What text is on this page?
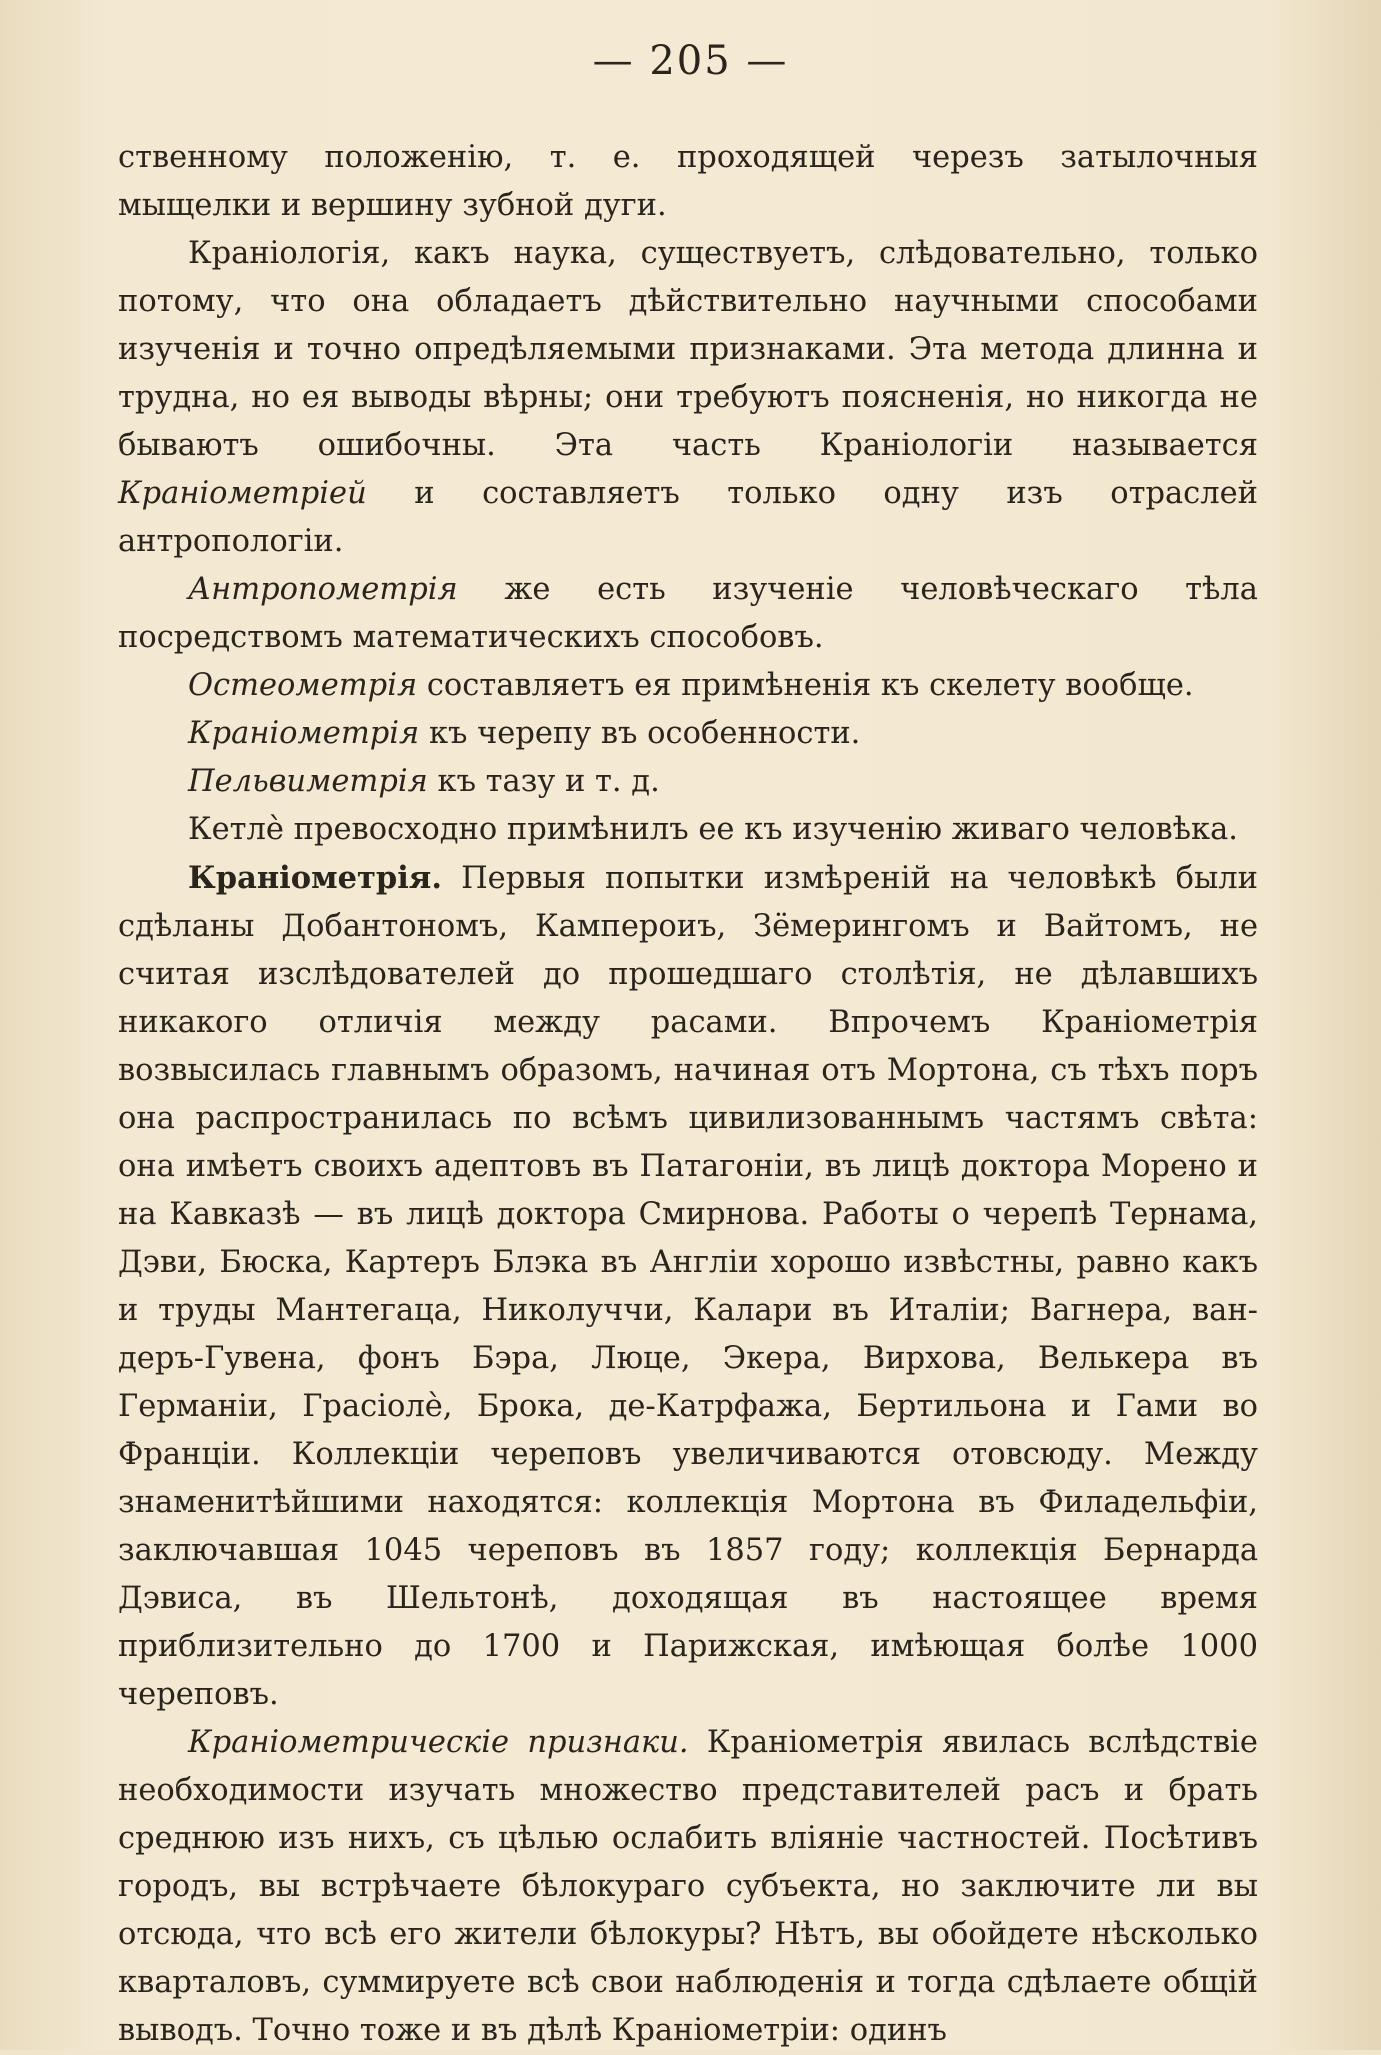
— 205 —

ственному положенію, т. е. проходящей черезъ затылочныя мыщелки и вершину зубной дуги.

Краніологія, какъ наука, существуетъ, слѣдовательно, только потому, что она обладаетъ дѣйствительно научными способами изученія и точно опредѣляемыми признаками. Эта метода длинна и трудна, но ея выводы вѣрны; они требуютъ поясненія, но никогда не бываютъ ошибочны. Эта часть Краніологіи называется Краніометріей и составляетъ только одну изъ отраслей антропологіи.

Антропометрія же есть изученіе человѣческаго тѣла посредствомъ математическихъ способовъ.

Остеометрія составляетъ ея примѣненія къ скелету вообще.

Краніометрія къ черепу въ особенности.

Пельвиметрія къ тазу и т. д.

Кетлѐ превосходно примѣнилъ ее къ изученію живаго человѣка.

Краніометрія. Первыя попытки измѣреній на человѣкѣ были сдѣланы Добантономъ, Кампероиъ, Зёмерингомъ и Вайтомъ, не считая изслѣдователей до прошедшаго столѣтія, не дѣлавшихъ никакого отличія между расами. Впрочемъ Краніометрія возвысилась главнымъ образомъ, начиная отъ Мортона, съ тѣхъ поръ она распространилась по всѣмъ цивилизованнымъ частямъ свѣта: она имѣетъ своихъ адептовъ въ Патагоніи, въ лицѣ доктора Морено и на Кавказѣ — въ лицѣ доктора Смирнова. Работы о черепѣ Тернама, Дэви, Бюска, Картеръ Блэка въ Англіи хорошо извѣстны, равно какъ и труды Мантегаца, Николуччи, Калари въ Италіи; Вагнера, ван-деръ-Гувена, фонъ Бэра, Люце, Экера, Вирхова, Велькера въ Германіи, Грасіолѐ, Брока, де-Катрфажа, Бертильона и Гами во Франціи. Коллекціи череповъ увеличиваются отовсюду. Между знаменитѣйшими находятся: коллекція Мортона въ Филадельфіи, заключавшая 1045 череповъ въ 1857 году; коллекція Бернарда Дэвиса, въ Шельтонѣ, доходящая въ настоящее время приблизительно до 1700 и Парижская, имѣющая болѣе 1000 череповъ.

Краніометрическіе признаки. Краніометрія явилась вслѣдствіе необходимости изучать множество представителей расъ и брать среднюю изъ нихъ, съ цѣлью ослабить вліяніе частностей. Посѣтивъ городъ, вы встрѣчаете бѣлокураго субъекта, но заключите ли вы отсюда, что всѣ его жители бѣлокуры? Нѣтъ, вы обойдете нѣсколько кварталовъ, суммируете всѣ свои наблюденія и тогда сдѣлаете общій выводъ. Точно тоже и въ дѣлѣ Краніометріи: одинъ
